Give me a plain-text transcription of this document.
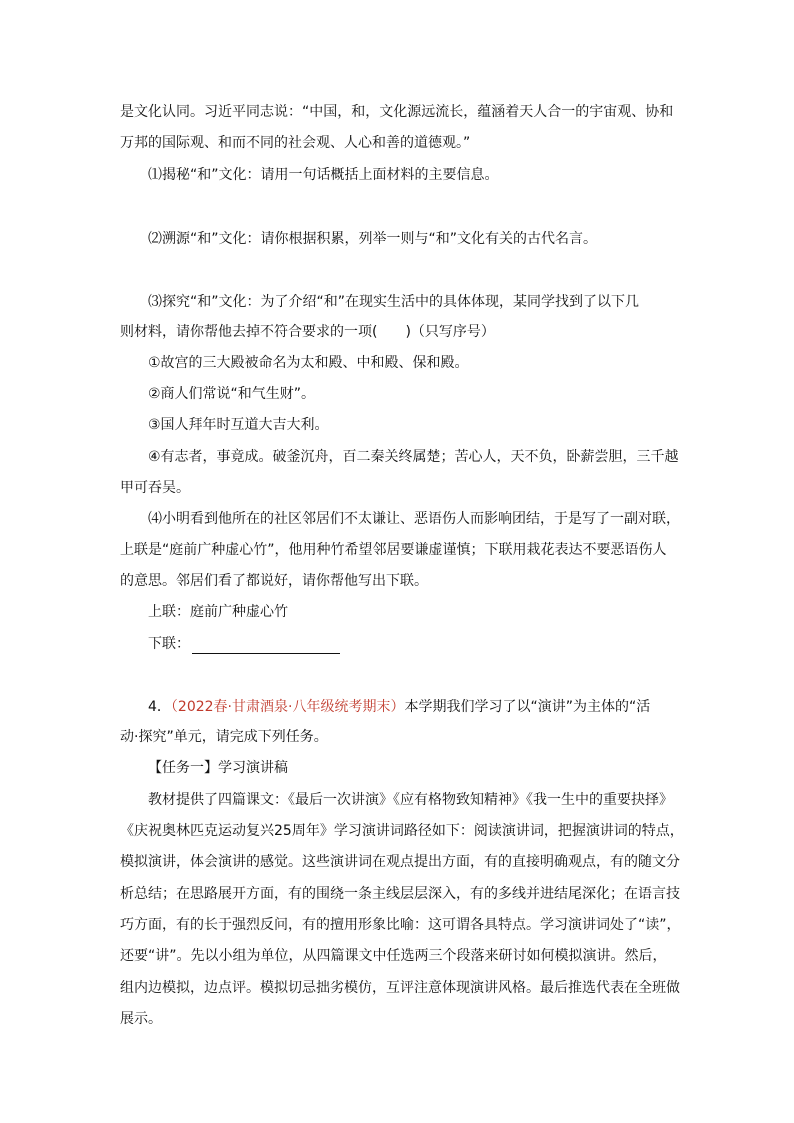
是文化认同。习近平同志说：“中国，和，文化源远流长，蕴涵着天人合一的宇宙观、协和
万邦的国际观、和而不同的社会观、人心和善的道德观。”
⑴揭秘“和”文化：请用一句话概括上面材料的主要信息。
⑵溯源“和”文化：请你根据积累，列举一则与“和”文化有关的古代名言。
⑶探究“和”文化：为了介绍“和”在现实生活中的具体体现，某同学找到了以下几
则材料，请你帮他去掉不符合要求的一项(　　)（只写序号）
①故宫的三大殿被命名为太和殿、中和殿、保和殿。
②商人们常说“和气生财”。
③国人拜年时互道大吉大利。
④有志者，事竟成。破釜沉舟，百二秦关终属楚；苦心人，天不负，卧薪尝胆，三千越
甲可吞吴。
⑷小明看到他所在的社区邻居们不太谦让、恶语伤人而影响团结，于是写了一副对联，
上联是“庭前广种虚心竹”，他用种竹希望邻居要谦虚谨慎；下联用栽花表达不要恶语伤人
的意思。邻居们看了都说好，请你帮他写出下联。
上联：庭前广种虚心竹
下联：
4．（2022春·甘肃酒泉·八年级统考期末）本学期我们学习了以“演讲”为主体的“活
动·探究”单元，请完成下列任务。
【任务一】学习演讲稿
教材提供了四篇课文：《最后一次讲演》《应有格物致知精神》《我一生中的重要抉择》
《庆祝奥林匹克运动复兴25周年》学习演讲词路径如下：阅读演讲词，把握演讲词的特点，
模拟演讲，体会演讲的感觉。这些演讲词在观点提出方面，有的直接明确观点，有的随文分
析总结；在思路展开方面，有的围绕一条主线层层深入，有的多线并进结尾深化；在语言技
巧方面，有的长于强烈反问，有的擅用形象比喻：这可谓各具特点。学习演讲词处了“读”，
还要“讲”。先以小组为单位，从四篇课文中任选两三个段落来研讨如何模拟演讲。然后，
组内边模拟，边点评。模拟切忌拙劣模仿，互评注意体现演讲风格。最后推选代表在全班做
展示。
